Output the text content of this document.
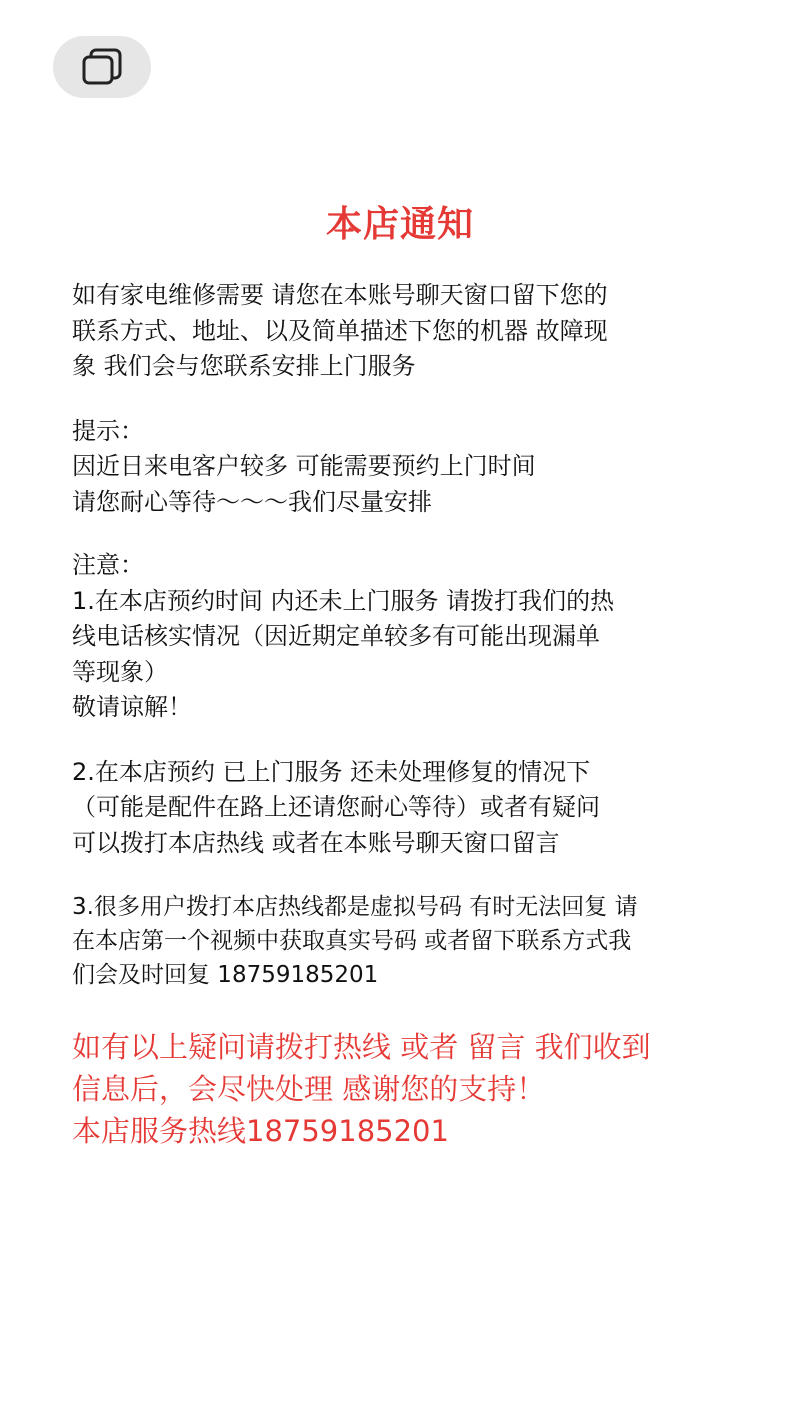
本店通知

如有家电维修需要 请您在本账号聊天窗口留下您的

联系方式、地址、以及简单描述下您的机器 故障现

象 我们会与您联系安排上门服务

提示：

因近日来电客户较多 可能需要预约上门时间

请您耐心等待～～～我们尽量安排

注意：

1.在本店预约时间 内还未上门服务 请拨打我们的热

线电话核实情况（因近期定单较多有可能出现漏单

等现象）

敬请谅解！

2.在本店预约 已上门服务 还未处理修复的情况下

（可能是配件在路上还请您耐心等待）或者有疑问

可以拨打本店热线 或者在本账号聊天窗口留言

3.很多用户拨打本店热线都是虚拟号码 有时无法回复 请

在本店第一个视频中获取真实号码 或者留下联系方式我

们会及时回复 18759185201

如有以上疑问请拨打热线 或者 留言 我们收到
信息后，会尽快处理 感谢您的支持！
本店服务热线18759185201
